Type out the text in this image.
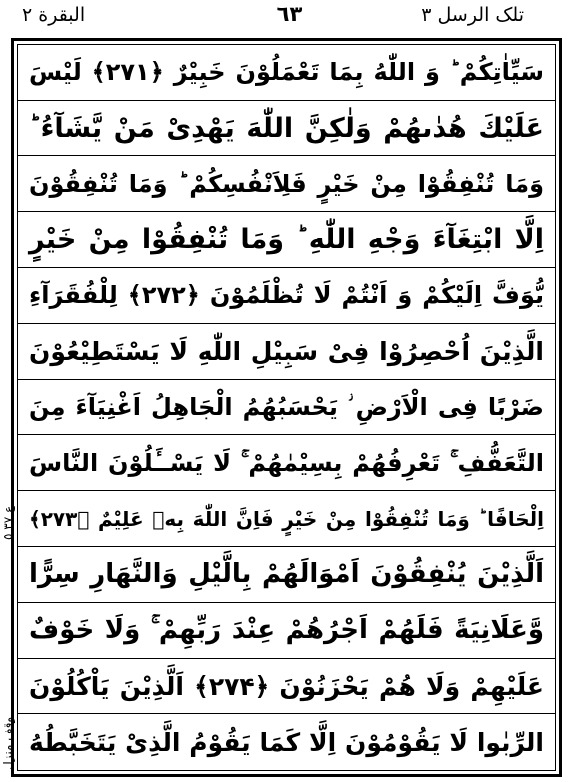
البقرة ٢	٦٣	تلک الرسل ٣
سَيِّاٰتِكُمْ ؕ وَ اللّٰهُ بِمَا تَعْمَلُوْنَ خَبِيْرٌ ﴿۲۷۱﴾ لَيْسَ
عَلَيْكَ هُدٰىهُمْ وَلٰكِنَّ اللّٰهَ يَهْدِىْ مَنْ يَّشَآءُ ؕ
وَمَا تُنْفِقُوْا مِنْ خَيْرٍ فَلِاَنْفُسِكُمْ ؕ وَمَا تُنْفِقُوْنَ
اِلَّا ابْتِغَآءَ وَجْهِ اللّٰهِ ؕ وَمَا تُنْفِقُوْا مِنْ خَيْرٍ
يُّوَفَّ اِلَيْكُمْ وَ اَنْتُمْ لَا تُظْلَمُوْنَ ﴿۲۷۲﴾ لِلْفُقَرَآءِ
الَّذِيْنَ اُحْصِرُوْا فِىْ سَبِيْلِ اللّٰهِ لَا يَسْتَطِيْعُوْنَ
ضَرْبًا فِى الْاَرْضِ ؗ يَحْسَبُهُمُ الْجَاهِلُ اَغْنِيَآءَ مِنَ
التَّعَفُّفِ ۚ تَعْرِفُهُمْ بِسِيْمٰهُمْ ۚ لَا يَسْــَٔلُوْنَ النَّاسَ
اِلْحَافًا ؕ وَمَا تُنْفِقُوْا مِنْ خَيْرٍ فَاِنَّ اللّٰهَ بِهٖ عَلِيْمٌ ﴿۲۷۳﴾
اَلَّذِيْنَ يُنْفِقُوْنَ اَمْوَالَهُمْ بِالَّيْلِ وَالنَّهَارِ سِرًّا
وَّعَلَانِيَةً فَلَهُمْ اَجْرُهُمْ عِنْدَ رَبِّهِمْ ۚ وَلَا خَوْفٌ
عَلَيْهِمْ وَلَا هُمْ يَحْزَنُوْنَ ﴿۲۷۴﴾ اَلَّذِيْنَ يَاْكُلُوْنَ
الرِّبٰوا لَا يَقُوْمُوْنَ اِلَّا كَمَا يَقُوْمُ الَّذِىْ يَتَخَبَّطُهُ
ع ٣٧ ٥
وقف منزل
